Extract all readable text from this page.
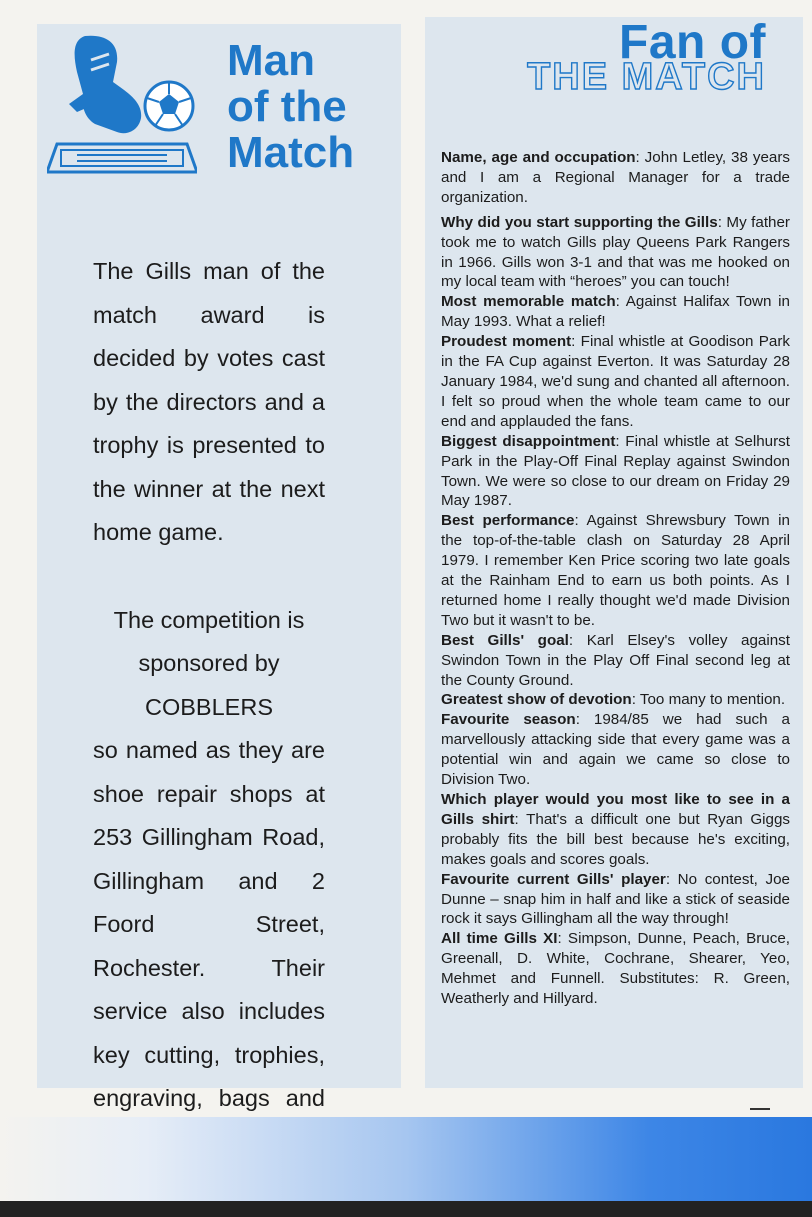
Man
of the
Match

The Gills man of the match award is decided by votes cast by the directors and a trophy is presented to the winner at the next home game.

The competition is

sponsored by

COBBLERS

so named as they are shoe repair shops at 253 Gillingham Road, Gillingham and 2 Foord Street, Rochester. Their service also includes key cutting, trophies, engraving, bags and

Fan of
THE MATCH

Name, age and occupation: John Letley, 38 years and I am a Regional Manager for a trade organization.

Why did you start supporting the Gills: My father took me to watch Gills play Queens Park Rangers in 1966. Gills won 3-1 and that was me hooked on my local team with “heroes” you can touch!

Most memorable match: Against Halifax Town in May 1993. What a relief!

Proudest moment: Final whistle at Goodison Park in the FA Cup against Everton. It was Saturday 28 January 1984, we'd sung and chanted all afternoon. I felt so proud when the whole team came to our end and applauded the fans.

Biggest disappointment: Final whistle at Selhurst Park in the Play-Off Final Replay against Swindon Town. We were so close to our dream on Friday 29 May 1987.

Best performance: Against Shrewsbury Town in the top-of-the-table clash on Saturday 28 April 1979. I remember Ken Price scoring two late goals at the Rainham End to earn us both points. As I returned home I really thought we'd made Division Two but it wasn't to be.

Best Gills' goal: Karl Elsey's volley against Swindon Town in the Play Off Final second leg at the County Ground.

Greatest show of devotion: Too many to mention.

Favourite season: 1984/85 we had such a marvellously attacking side that every game was a potential win and again we came so close to Division Two.

Which player would you most like to see in a Gills shirt: That's a difficult one but Ryan Giggs probably fits the bill best because he's exciting, makes goals and scores goals.

Favourite current Gills' player: No contest, Joe Dunne – snap him in half and like a stick of seaside rock it says Gillingham all the way through!

All time Gills XI: Simpson, Dunne, Peach, Bruce, Greenall, D. White, Cochrane, Shearer, Yeo, Mehmet and Funnell. Substitutes: R. Green, Weatherly and Hillyard.
